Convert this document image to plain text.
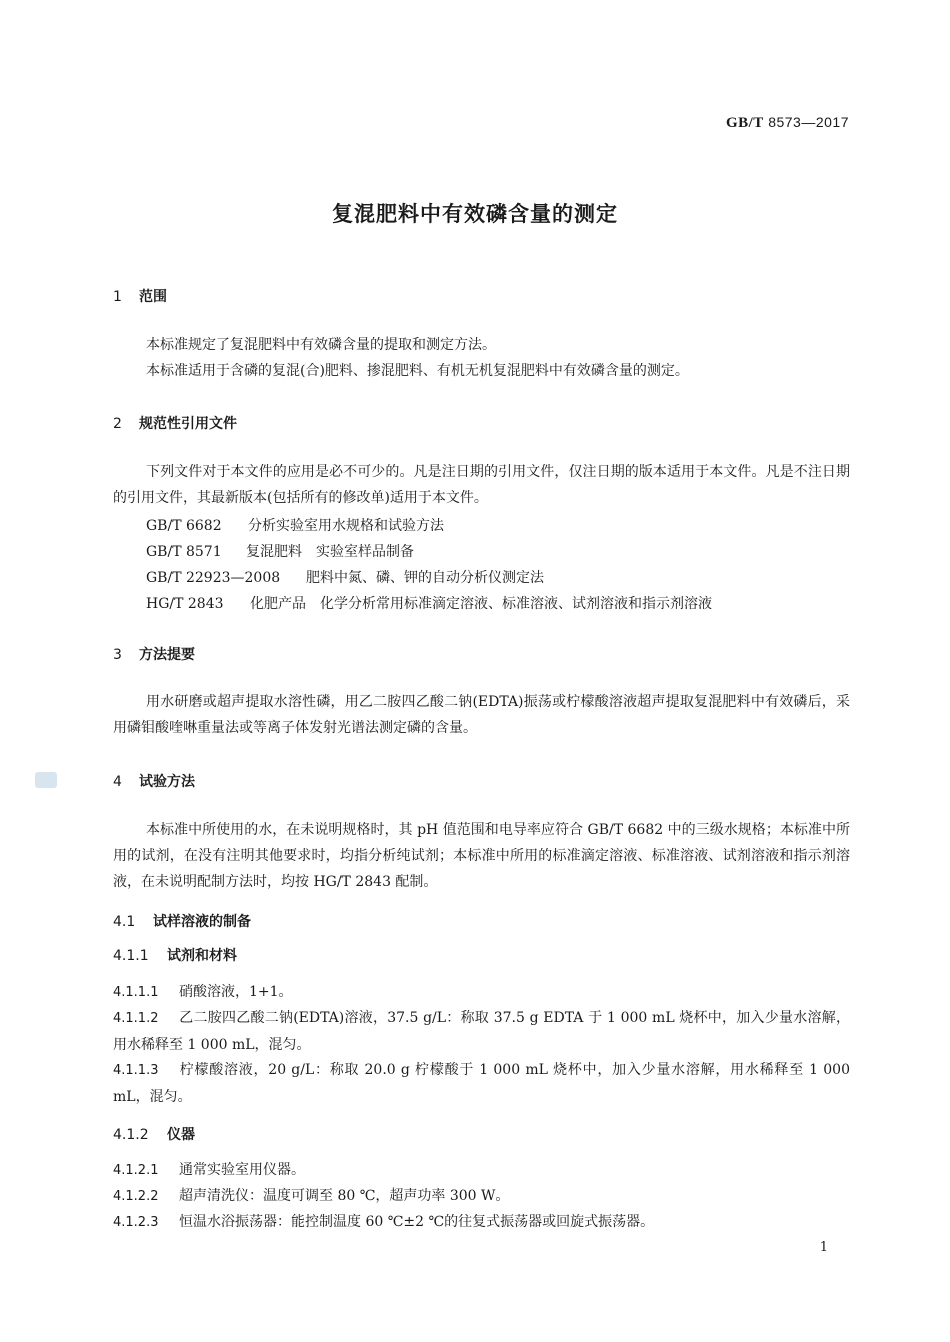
GB/T 8573—2017
复混肥料中有效磷含量的测定
1 范围
本标准规定了复混肥料中有效磷含量的提取和测定方法。
本标准适用于含磷的复混(合)肥料、掺混肥料、有机无机复混肥料中有效磷含量的测定。
2 规范性引用文件
下列文件对于本文件的应用是必不可少的。凡是注日期的引用文件，仅注日期的版本适用于本文件。凡是不注日期的引用文件，其最新版本(包括所有的修改单)适用于本文件。
GB/T 6682 分析实验室用水规格和试验方法
GB/T 8571 复混肥料　实验室样品制备
GB/T 22923—2008 肥料中氮、磷、钾的自动分析仪测定法
HG/T 2843 化肥产品　化学分析常用标准滴定溶液、标准溶液、试剂溶液和指示剂溶液
3 方法提要
用水研磨或超声提取水溶性磷，用乙二胺四乙酸二钠(EDTA)振荡或柠檬酸溶液超声提取复混肥料中有效磷后，采用磷钼酸喹啉重量法或等离子体发射光谱法测定磷的含量。
4 试验方法
本标准中所使用的水，在未说明规格时，其 pH 值范围和电导率应符合 GB/T 6682 中的三级水规格；本标准中所用的试剂，在没有注明其他要求时，均指分析纯试剂；本标准中所用的标准滴定溶液、标准溶液、试剂溶液和指示剂溶液，在未说明配制方法时，均按 HG/T 2843 配制。
4.1 试样溶液的制备
4.1.1 试剂和材料
4.1.1.1 硝酸溶液，1+1。
4.1.1.2 乙二胺四乙酸二钠(EDTA)溶液，37.5 g/L：称取 37.5 g EDTA 于 1 000 mL 烧杯中，加入少量水溶解，用水稀释至 1 000 mL，混匀。
4.1.1.3 柠檬酸溶液，20 g/L：称取 20.0 g 柠檬酸于 1 000 mL 烧杯中，加入少量水溶解，用水稀释至 1 000 mL，混匀。
4.1.2 仪器
4.1.2.1 通常实验室用仪器。
4.1.2.2 超声清洗仪：温度可调至 80 ℃，超声功率 300 W。
4.1.2.3 恒温水浴振荡器：能控制温度 60 ℃±2 ℃的往复式振荡器或回旋式振荡器。
1
